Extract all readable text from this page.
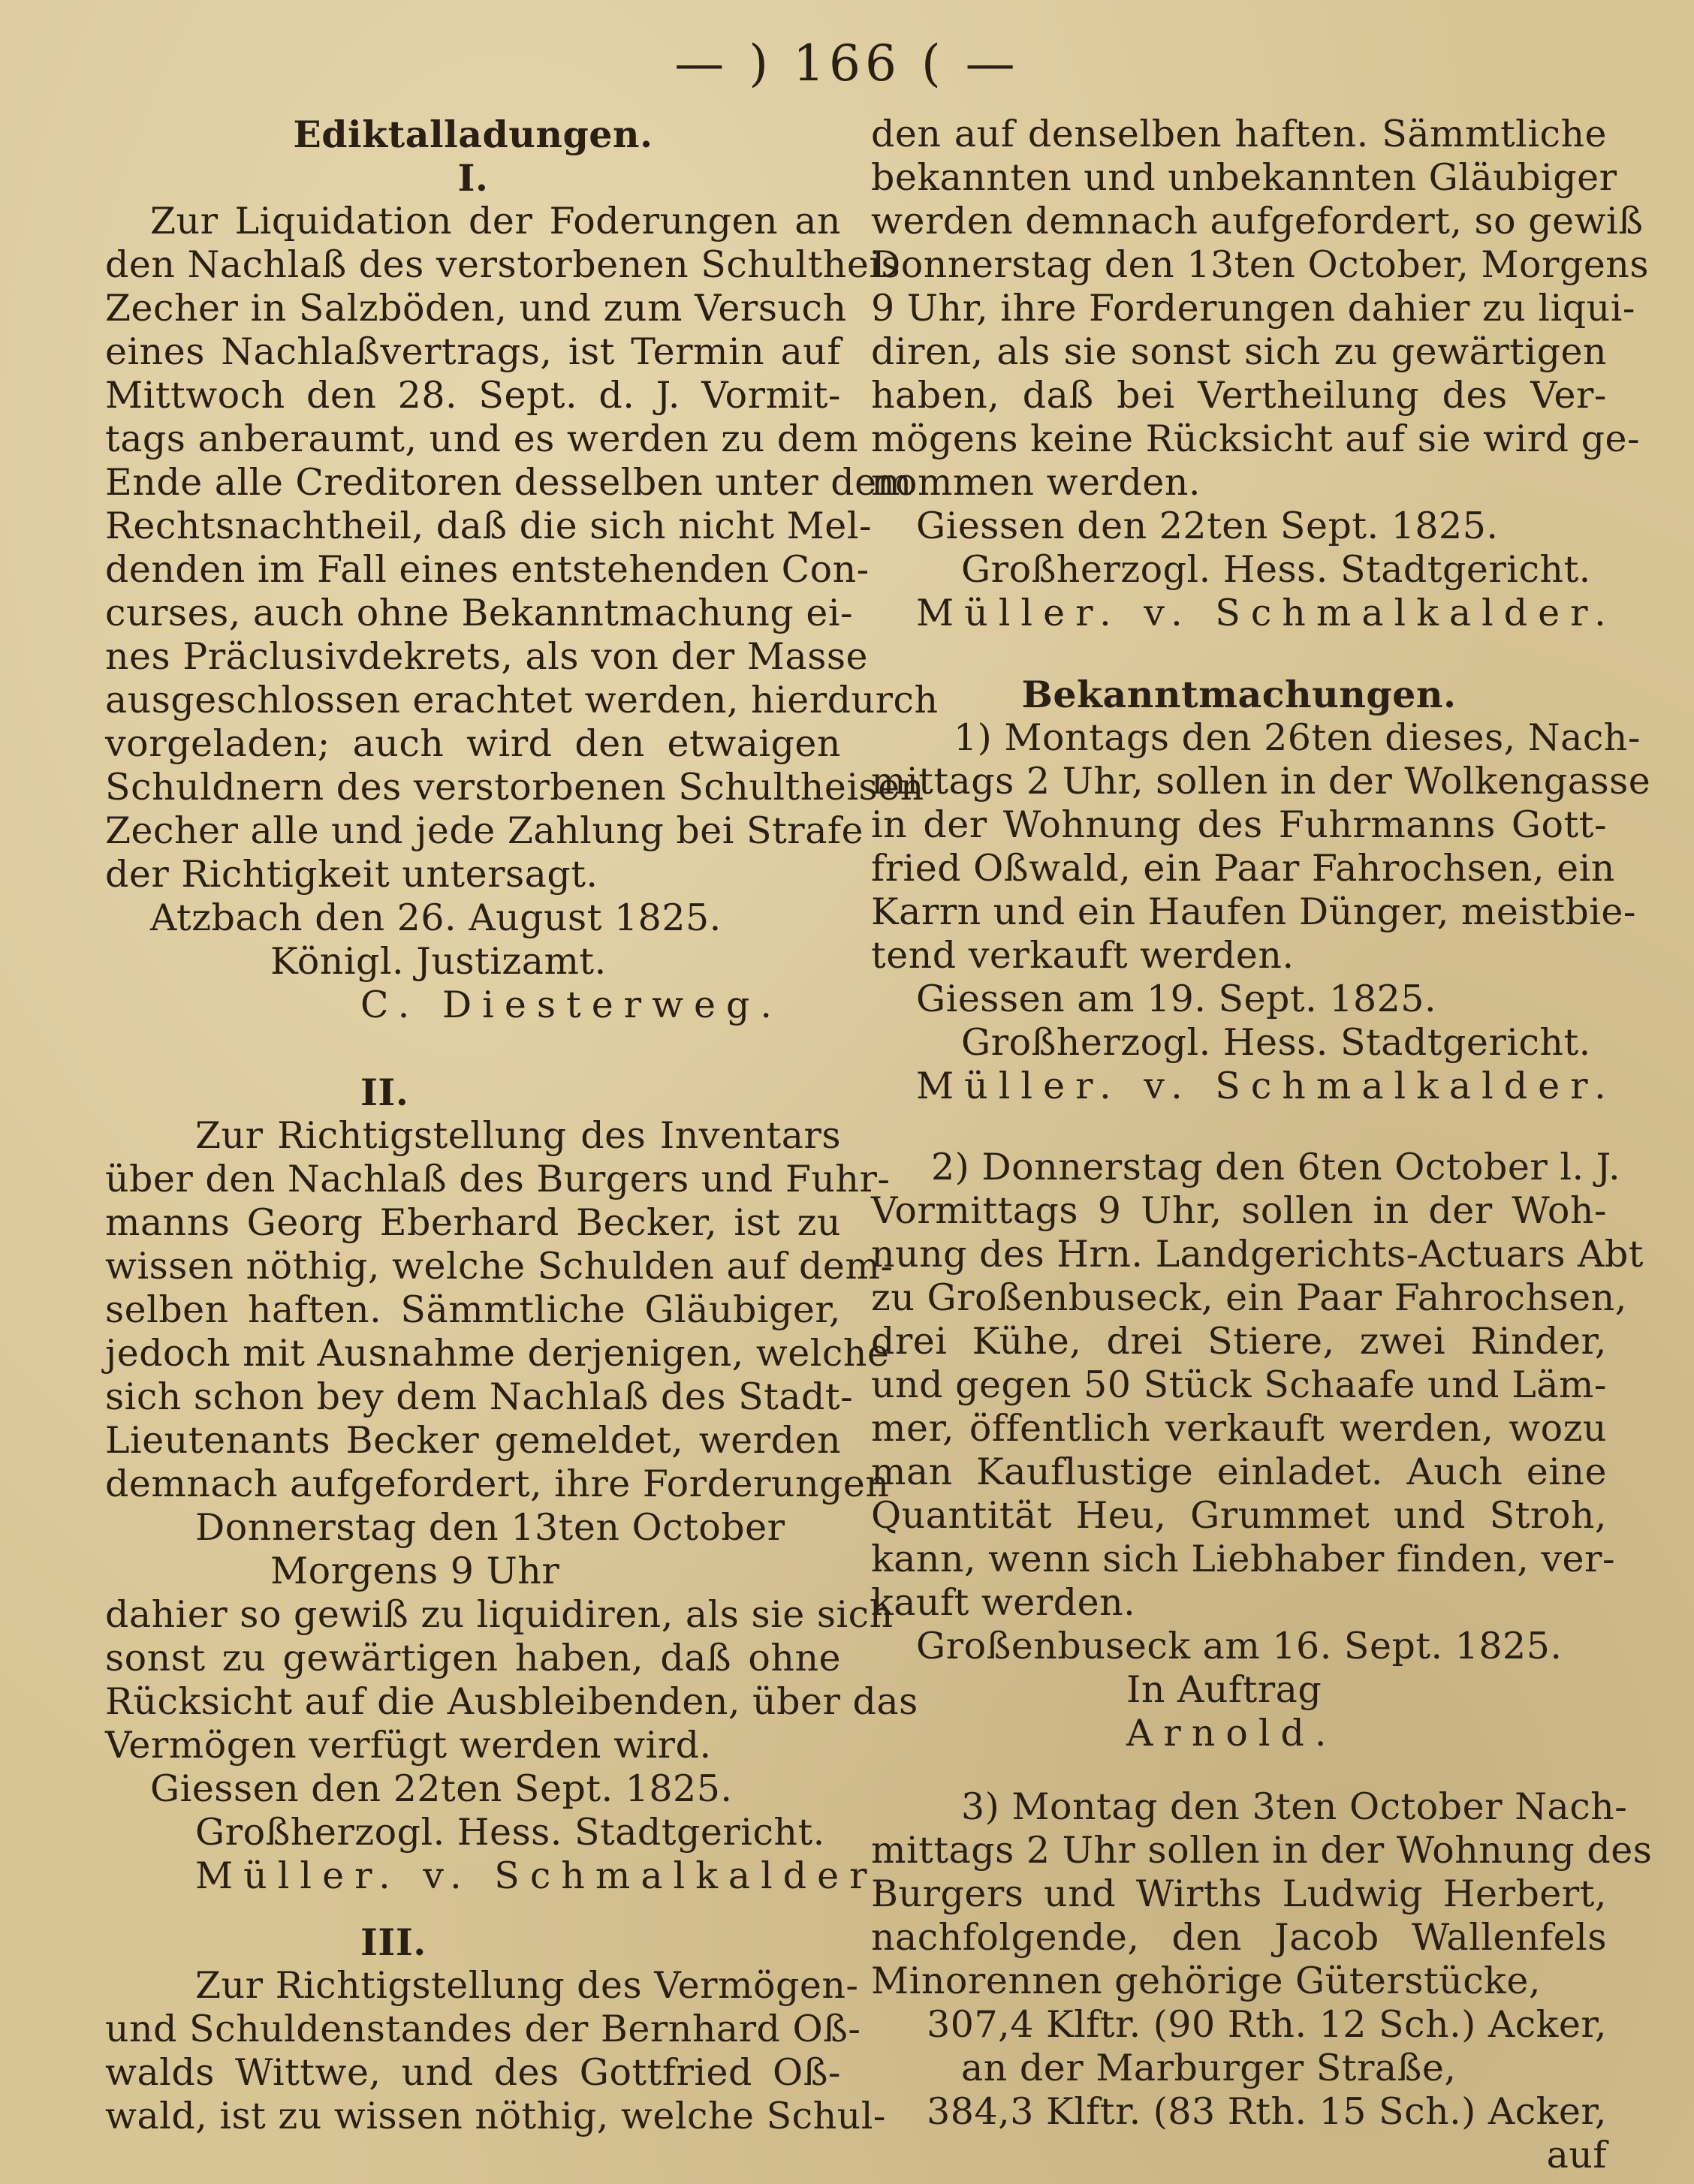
— ) 166 ( —
Ediktalladungen.
I.
Zur Liquidation der Foderungen an
den Nachlaß des verstorbenen Schultheis
Zecher in Salzböden, und zum Versuch
eines Nachlaßvertrags, ist Termin auf
Mittwoch den 28. Sept. d. J. Vormit-
tags anberaumt, und es werden zu dem
Ende alle Creditoren desselben unter dem
Rechtsnachtheil, daß die sich nicht Mel-
denden im Fall eines entstehenden Con-
curses, auch ohne Bekanntmachung ei-
nes Präclusivdekrets, als von der Masse
ausgeschlossen erachtet werden, hierdurch
vorgeladen; auch wird den etwaigen
Schuldnern des verstorbenen Schultheisen
Zecher alle und jede Zahlung bei Strafe
der Richtigkeit untersagt.
Atzbach den 26. August 1825.
Königl. Justizamt.
C. Diesterweg.
II.
Zur Richtigstellung des Inventars
über den Nachlaß des Burgers und Fuhr-
manns Georg Eberhard Becker, ist zu
wissen nöthig, welche Schulden auf dem-
selben haften. Sämmtliche Gläubiger,
jedoch mit Ausnahme derjenigen, welche
sich schon bey dem Nachlaß des Stadt-
Lieutenants Becker gemeldet, werden
demnach aufgefordert, ihre Forderungen
Donnerstag den 13ten October
Morgens 9 Uhr
dahier so gewiß zu liquidiren, als sie sich
sonst zu gewärtigen haben, daß ohne
Rücksicht auf die Ausbleibenden, über das
Vermögen verfügt werden wird.
Giessen den 22ten Sept. 1825.
Großherzogl. Hess. Stadtgericht.
Müller. v. Schmalkalder.
III.
Zur Richtigstellung des Vermögen-
und Schuldenstandes der Bernhard Oß-
walds Wittwe, und des Gottfried Oß-
wald, ist zu wissen nöthig, welche Schul-
den auf denselben haften. Sämmtliche
bekannten und unbekannten Gläubiger
werden demnach aufgefordert, so gewiß
Donnerstag den 13ten October, Morgens
9 Uhr, ihre Forderungen dahier zu liqui-
diren, als sie sonst sich zu gewärtigen
haben, daß bei Vertheilung des Ver-
mögens keine Rücksicht auf sie wird ge-
nommen werden.
Giessen den 22ten Sept. 1825.
Großherzogl. Hess. Stadtgericht.
Müller. v. Schmalkalder.
Bekanntmachungen.
1) Montags den 26ten dieses, Nach-
mittags 2 Uhr, sollen in der Wolkengasse
in der Wohnung des Fuhrmanns Gott-
fried Oßwald, ein Paar Fahrochsen, ein
Karrn und ein Haufen Dünger, meistbie-
tend verkauft werden.
Giessen am 19. Sept. 1825.
Großherzogl. Hess. Stadtgericht.
Müller. v. Schmalkalder.
2) Donnerstag den 6ten October l. J.
Vormittags 9 Uhr, sollen in der Woh-
nung des Hrn. Landgerichts-Actuars Abt
zu Großenbuseck, ein Paar Fahrochsen,
drei Kühe, drei Stiere, zwei Rinder,
und gegen 50 Stück Schaafe und Läm-
mer, öffentlich verkauft werden, wozu
man Kauflustige einladet. Auch eine
Quantität Heu, Grummet und Stroh,
kann, wenn sich Liebhaber finden, ver-
kauft werden.
Großenbuseck am 16. Sept. 1825.
In Auftrag
Arnold.
3) Montag den 3ten October Nach-
mittags 2 Uhr sollen in der Wohnung des
Burgers und Wirths Ludwig Herbert,
nachfolgende, den Jacob Wallenfels
Minorennen gehörige Güterstücke,
307,4 Klftr. (90 Rth. 12 Sch.) Acker,
an der Marburger Straße,
384,3 Klftr. (83 Rth. 15 Sch.) Acker,
auf
